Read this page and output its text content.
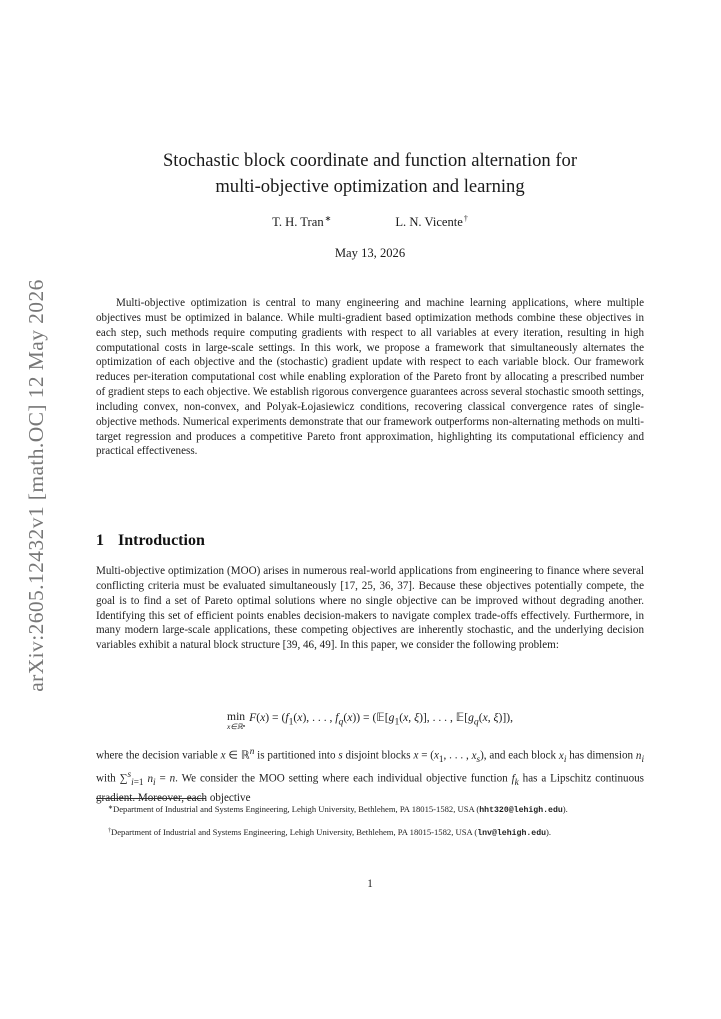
arXiv:2605.12432v1 [math.OC] 12 May 2026
Stochastic block coordinate and function alternation for
multi-objective optimization and learning
T. H. Tran∗	L. N. Vicente†
May 13, 2026

Multi-objective optimization is central to many engineering and machine learning applications, where multiple objectives must be optimized in balance. While multi-gradient based optimization methods combine these objectives in each step, such methods require computing gradients with respect to all variables at every iteration, resulting in high computational costs in large-scale settings. In this work, we propose a framework that simultaneously alternates the optimization of each objective and the (stochastic) gradient update with respect to each variable block. Our framework reduces per-iteration computational cost while enabling exploration of the Pareto front by allocating a prescribed number of gradient steps to each objective. We establish rigorous convergence guarantees across several stochastic smooth settings, including convex, non-convex, and Polyak-Łojasiewicz conditions, recovering classical convergence rates of single-objective methods. Numerical experiments demonstrate that our framework outperforms non-alternating methods on multi-target regression and produces a competitive Pareto front approximation, highlighting its computational efficiency and practical effectiveness.

1 Introduction

Multi-objective optimization (MOO) arises in numerous real-world applications from engineering to finance where several conflicting criteria must be evaluated simultaneously [17, 25, 36, 37]. Because these objectives potentially compete, the goal is to find a set of Pareto optimal solutions where no single objective can be improved without degrading another. Identifying this set of efficient points enables decision-makers to navigate complex trade-offs effectively. Furthermore, in many modern large-scale applications, these competing objectives are inherently stochastic, and the underlying decision variables exhibit a natural block structure [39, 46, 49]. In this paper, we consider the following problem:

min
x∈ℝⁿ
$F(x) = (f_1(x)$, . . . , $f_q(x)$) = ($𝔼[g_1(x$, ξ)], . . . , $𝔼[g_q(x$, ξ)]),

where the decision variable x ∈ ℝ$^n$ is partitioned into s disjoint blocks $x = (x_1$, . . . , $x_s$), and each block $x_i$ has dimension $n_i$ with ∑$^s_{i=1}$ $n_i = n$. We consider the MOO setting where each individual objective function $f_k$ has a Lipschitz continuous gradient. Moreover, each objective

∗Department of Industrial and Systems Engineering, Lehigh University, Bethlehem, PA 18015-1582, USA (hht320@lehigh.edu).

†Department of Industrial and Systems Engineering, Lehigh University, Bethlehem, PA 18015-1582, USA (lnv@lehigh.edu).

1
